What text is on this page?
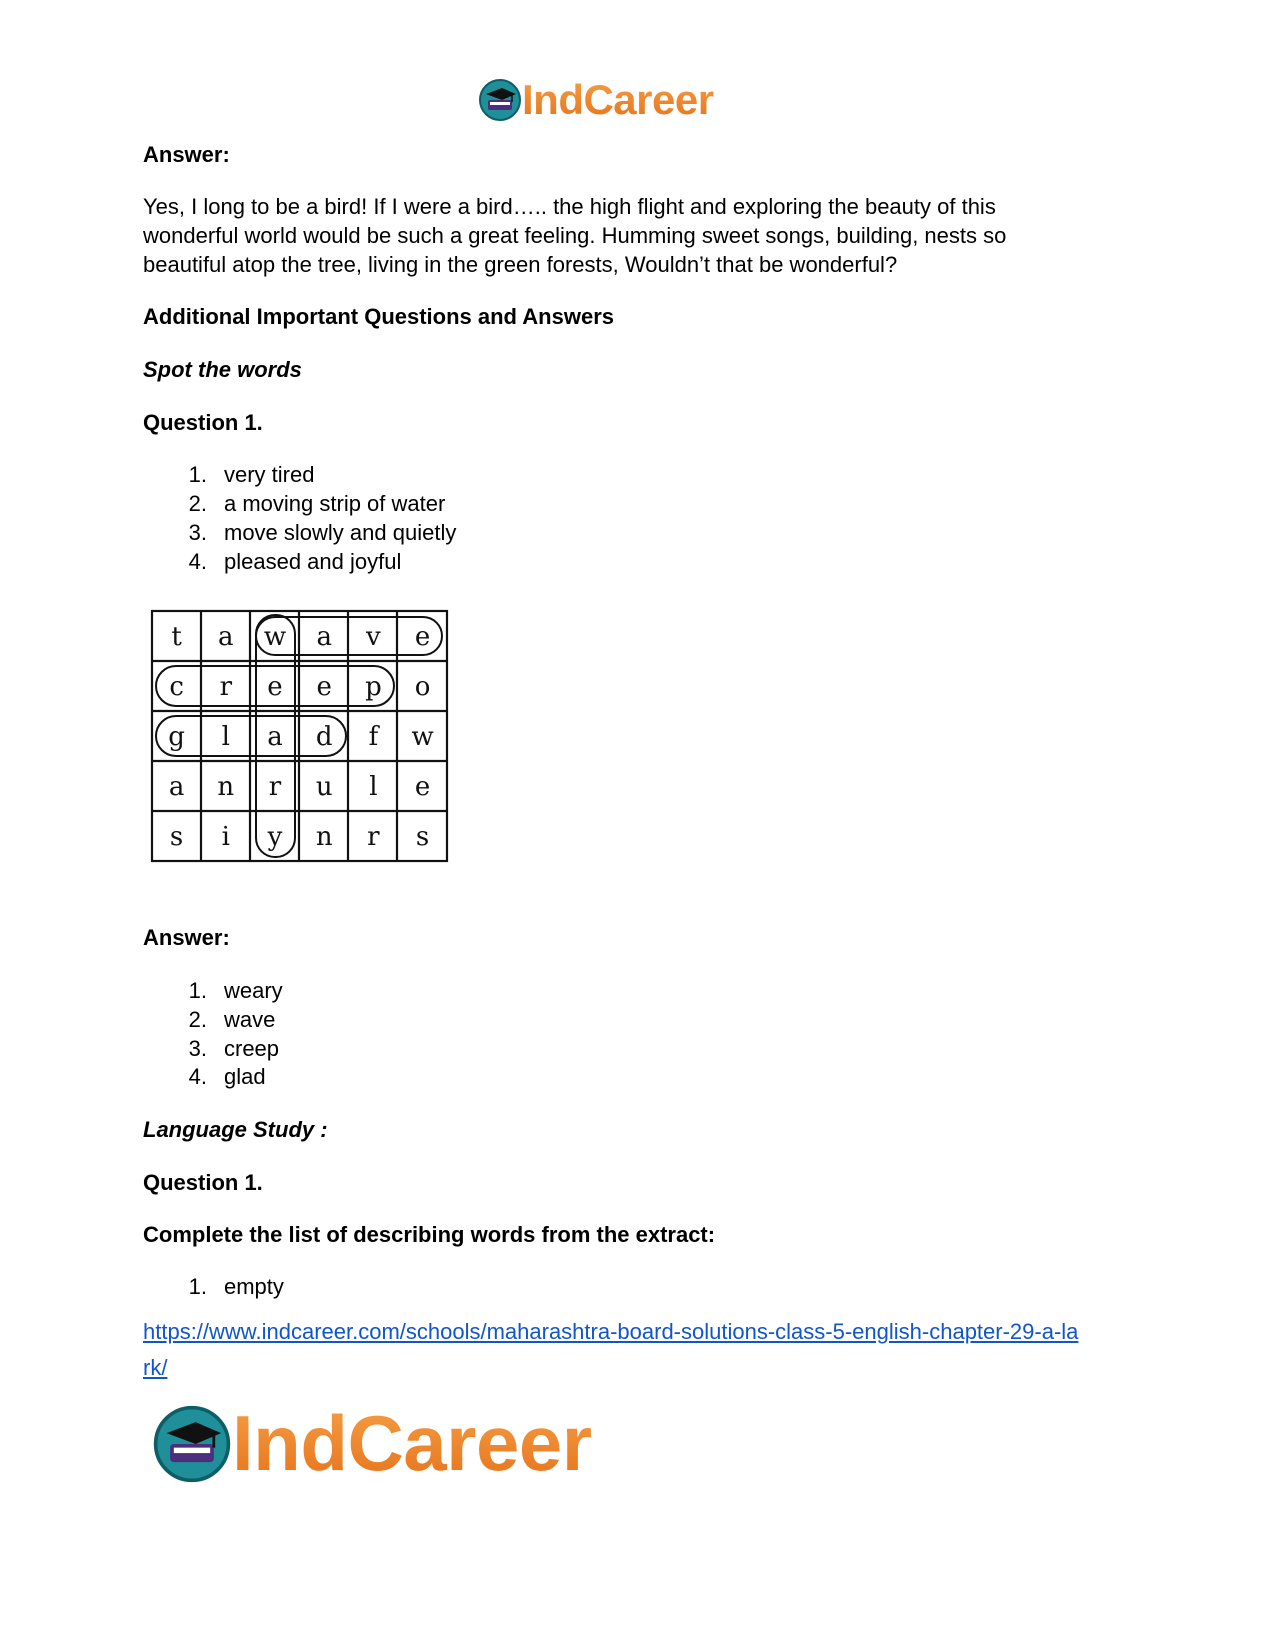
IndCareer
Answer:
Yes, I long to be a bird! If I were a bird….. the high flight and exploring the beauty of this
wonderful world would be such a great feeling. Humming sweet songs, building, nests so
beautiful atop the tree, living in the green forests, Wouldn’t that be wonderful?
Additional Important Questions and Answers
Spot the words
Question 1.
1. very tired
2. a moving strip of water
3. move slowly and quietly
4. pleased and joyful
t a w a v e
c r e e p o
g l a d f w
a n r u l e
s i y n r s
Answer:
1. weary
2. wave
3. creep
4. glad
Language Study :
Question 1.
Complete the list of describing words from the extract:
1. empty
https://www.indcareer.com/schools/maharashtra-board-solutions-class-5-english-chapter-29-a-la
rk/
IndCareer
